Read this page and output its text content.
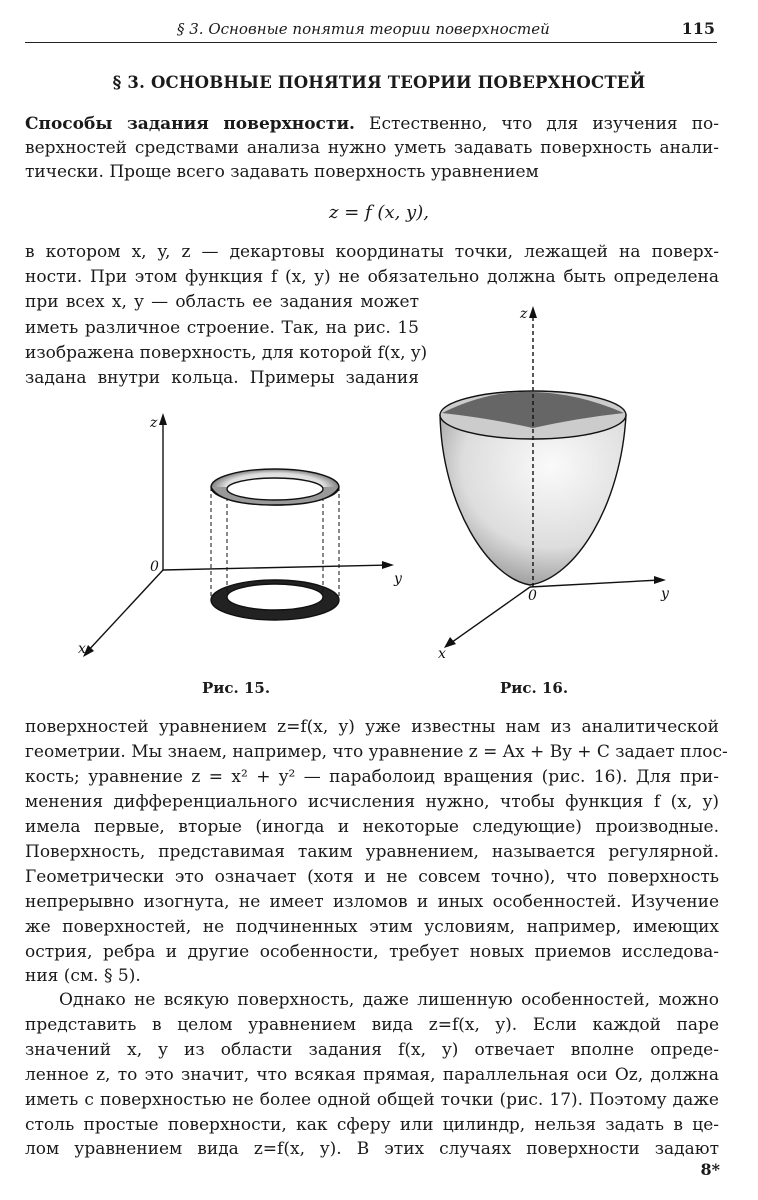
§ 3. Основные понятия теории поверхностей	115
§ 3. ОСНОВНЫЕ ПОНЯТИЯ ТЕОРИИ ПОВЕРХНОСТЕЙ
Способы задания поверхности. Естественно, что для изучения по-
верхностей средствами анализа нужно уметь задавать поверхность анали-
тически. Проще всего задавать поверхность уравнением
z = f (x, y),
в котором x, y, z — декартовы координаты точки, лежащей на поверх-
ности. При этом функция f (x, y) не обязательно должна быть определена
при всех x, y — область ее задания может
иметь различное строение. Так, на рис. 15
изображена поверхность, для которой f(x, y)
задана внутри кольца. Примеры задания
z
y
x
0
z
y
x
0
Рис. 15.	Рис. 16.
поверхностей уравнением z=f(x, y) уже известны нам из аналитической
геометрии. Мы знаем, например, что уравнение z = Ax + By + C задает плос-
кость; уравнение z = x² + y² — параболоид вращения (рис. 16). Для при-
менения дифференциального исчисления нужно, чтобы функция f (x, y)
имела первые, вторые (иногда и некоторые следующие) производные.
Поверхность, представимая таким уравнением, называется регулярной.
Геометрически это означает (хотя и не совсем точно), что поверхность
непрерывно изогнута, не имеет изломов и иных особенностей. Изучение
же поверхностей, не подчиненных этим условиям, например, имеющих
острия, ребра и другие особенности, требует новых приемов исследова-
ния (см. § 5).
Однако не всякую поверхность, даже лишенную особенностей, можно
представить в целом уравнением вида z=f(x, y). Если каждой паре
значений x, y из области задания f(x, y) отвечает вполне опреде-
ленное z, то это значит, что всякая прямая, параллельная оси Oz, должна
иметь с поверхностью не более одной общей точки (рис. 17). Поэтому даже
столь простые поверхности, как сферу или цилиндр, нельзя задать в це-
лом уравнением вида z=f(x, y). В этих случаях поверхности задают
8*
